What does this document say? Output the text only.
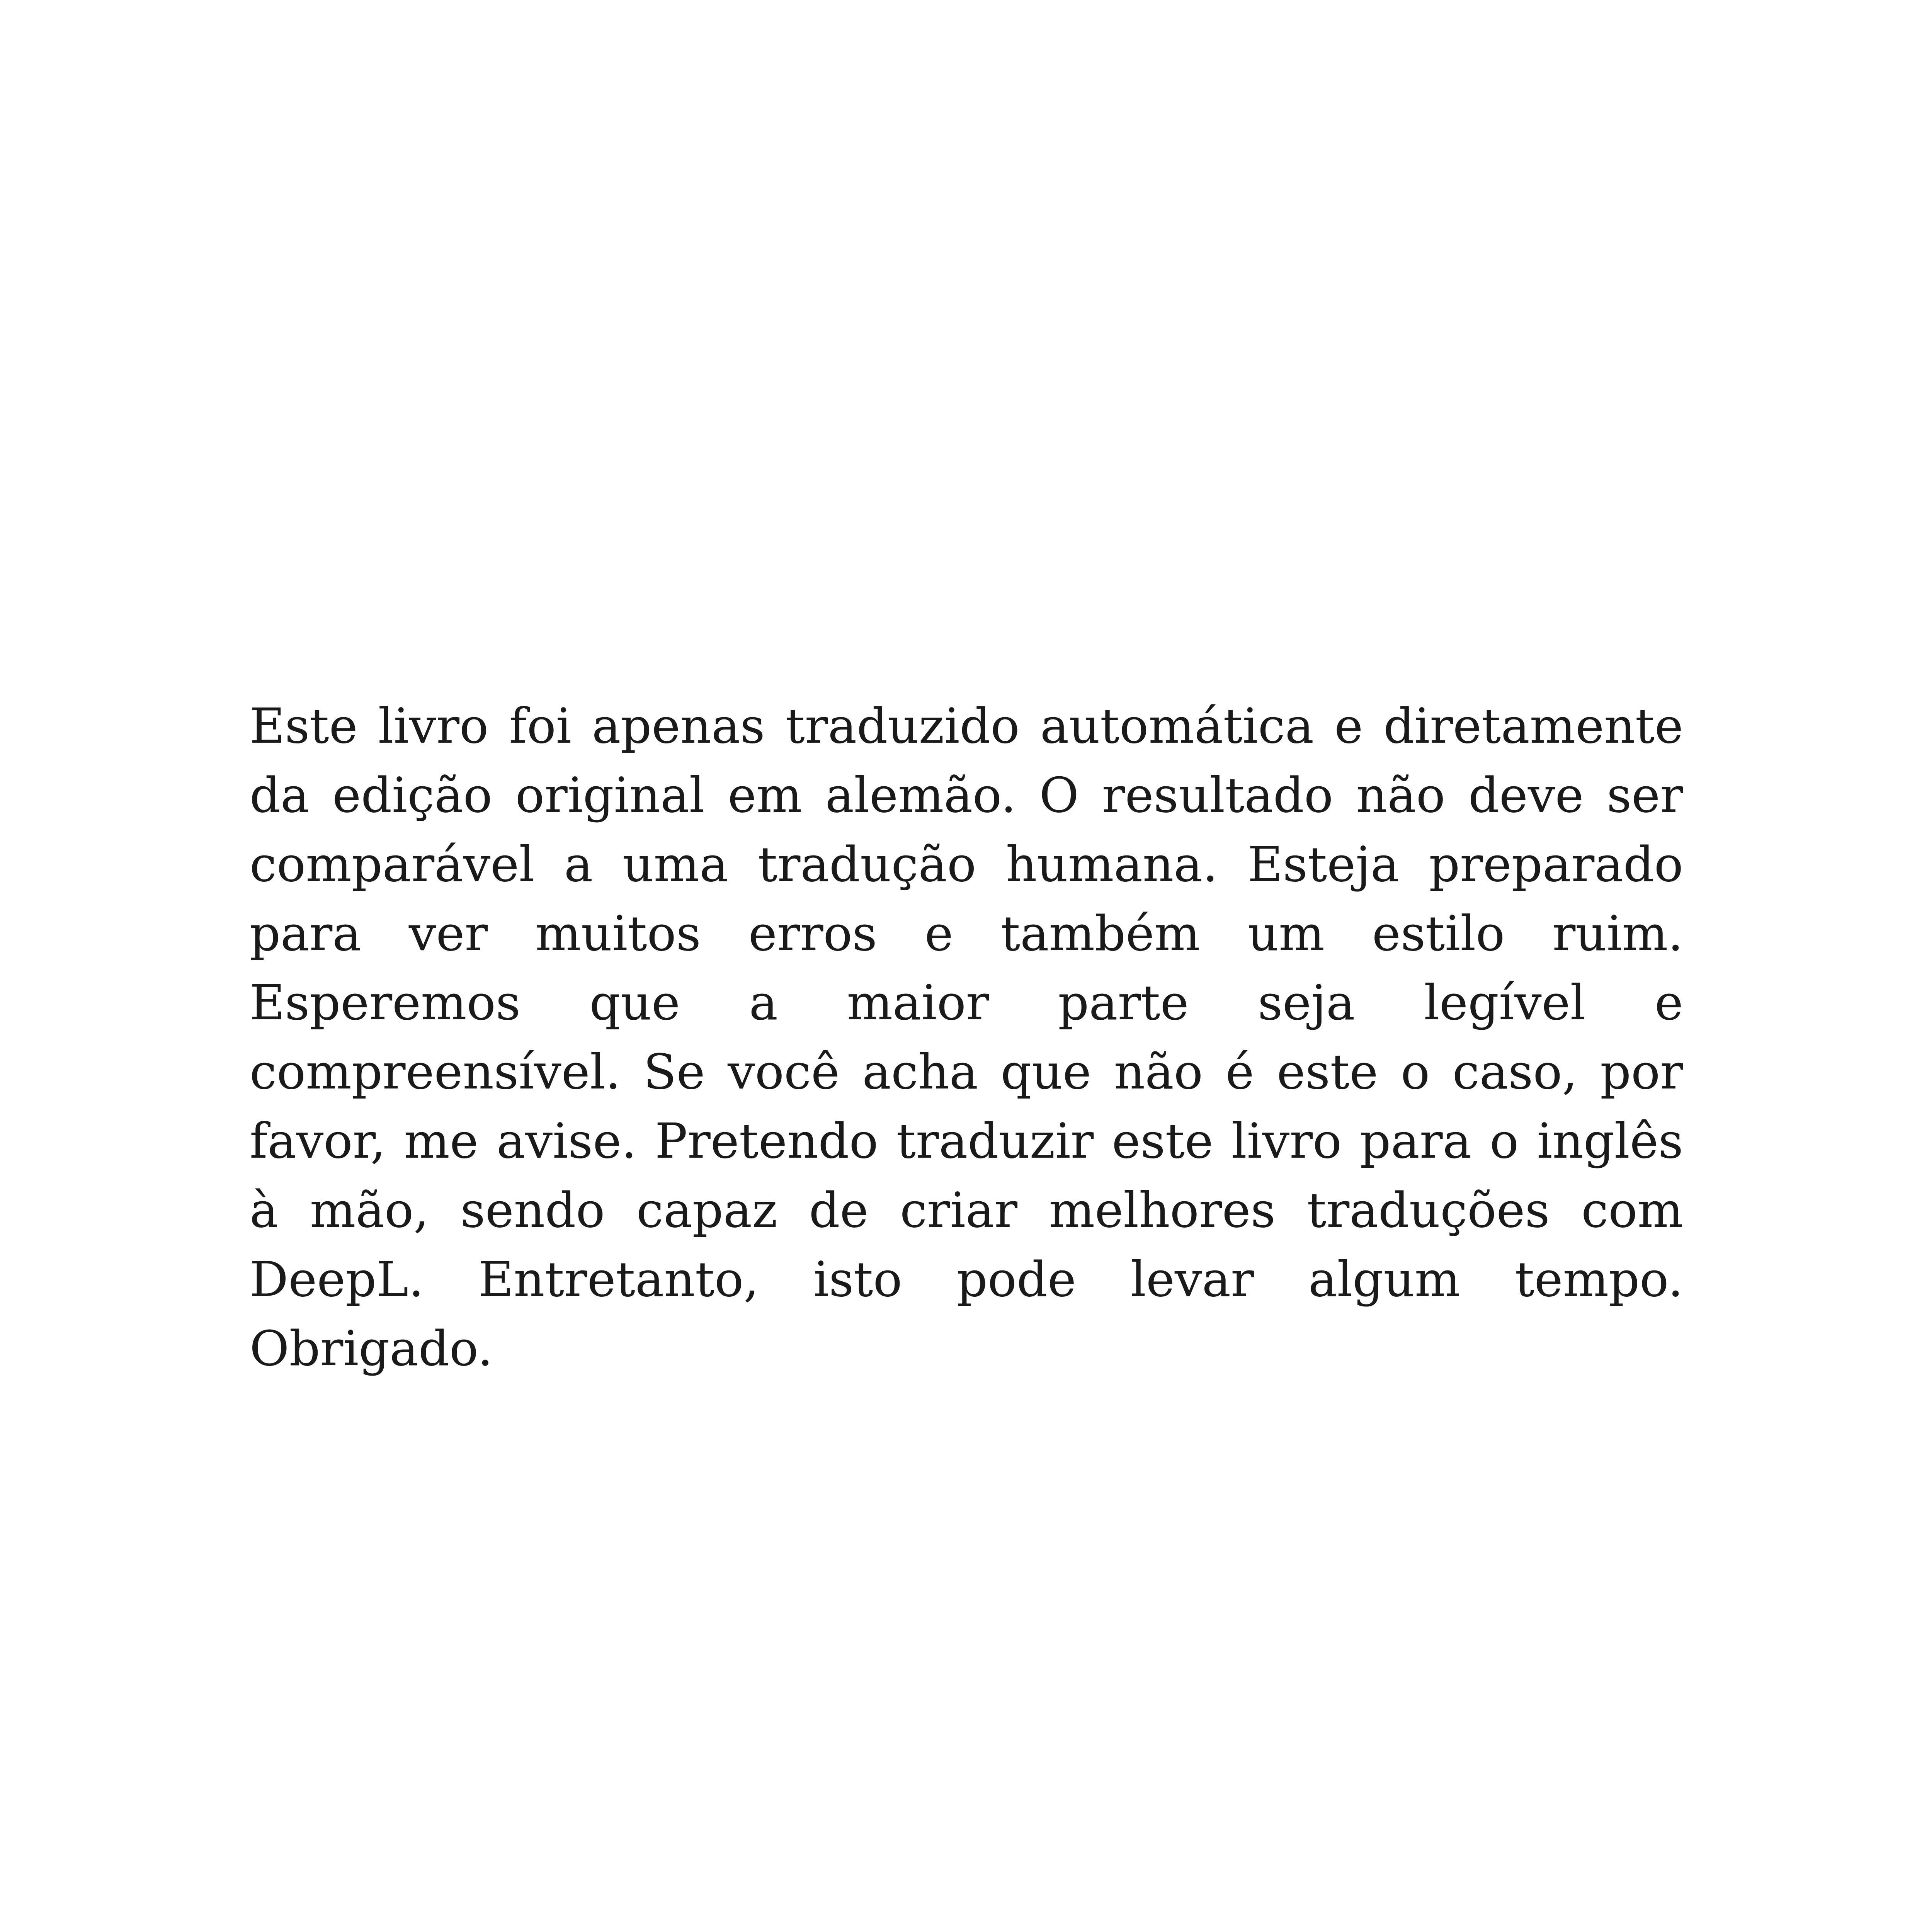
Este livro foi apenas traduzido automática e diretamente da edição original em alemão. O resultado não deve ser comparável a uma tradução humana. Esteja preparado para ver muitos erros e também um estilo ruim. Esperemos que a maior parte seja legível e compreensível. Se você acha que não é este o caso, por favor, me avise. Pretendo traduzir este livro para o inglês à mão, sendo capaz de criar melhores traduções com DeepL. Entretanto, isto pode levar algum tempo. Obrigado.
